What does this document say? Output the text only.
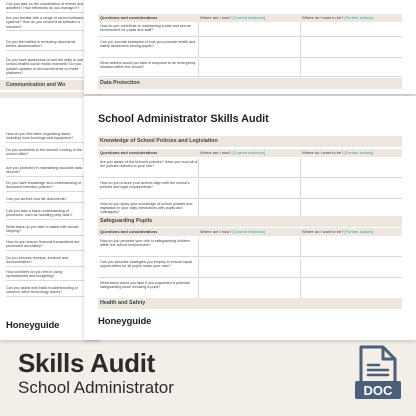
Can you take on the coordination of events and activities? How effectively do you manage it?
Are you familiar with a range of school software systems? How do you ensure that software is misused?
Do you feel skilled in reviewing documents before dissemination?
Do you have awareness of and the skills to use school-related social media channels? Do you publish updates or announcements on these platforms?
Communication and Wo
How do you feel when organising tasks, including room bookings and equipment?
Do you contribute to the smooth running of the school office?
Are you proficient in maintaining accurate data records?
Do you have knowledge and understanding of document retention policies?
Can you archive and file documents?
Can you take a basic understanding of processes, such as handling petty cash?
What steps do you take to assist with record-keeping?
How do you ensure financial transactions are processed accurately?
Do you process receipts, invoices and documentation?
How confident do you feel in using spreadsheets and budgeting?
Can you assist with basic troubleshooting of common office technology issues?
Honeyguide
Questions and considerations	Where am I now? [Current evidence]	Where do I want to be? [Further actions]
How do you contribute to maintaining a safe and secure environment for pupils and staff?
Can you provide examples of how you promote health and safety awareness among pupils?
What actions would you take in response to an emergency situation within the school?
Data Protection
School Administrator Skills Audit
Knowledge of School Policies and Legislation
Questions and considerations	Where am I now? [Current evidence]	Where do I want to be? [Further actions]
Are you aware of the school's policies? Have you read all of the policies relevant to your role?
How do you ensure your actions align with the school's policies and legal requirements?
How do you apply your knowledge of school policies and legislation in your daily interactions with pupils and colleagues?
Safeguarding Pupils
Questions and considerations	Where am I now? [Current evidence]	Where do I want to be? [Further actions]
How do you perceive your role in safeguarding children within the school environment?
Can you describe strategies you employ to ensure equal opportunities for all pupils under your care?
What steps would you take if you suspected a potential safeguarding issue involving a pupil?
Health and Safety
Honeyguide
Skills Audit
School Administrator	DOC
